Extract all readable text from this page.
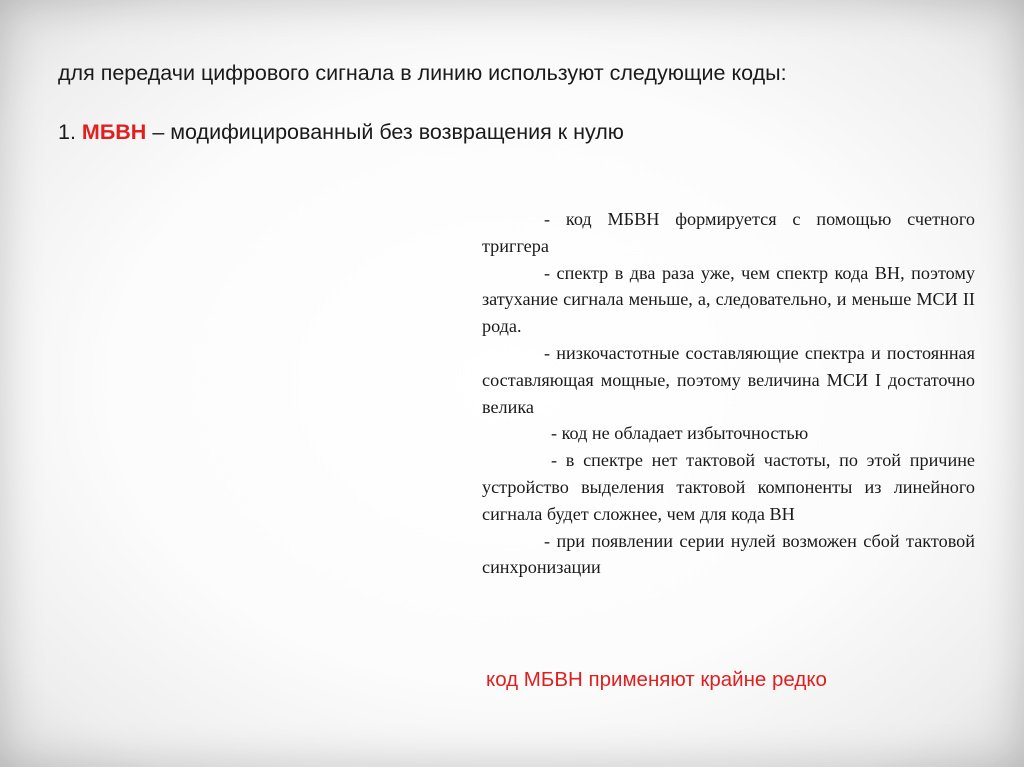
для передачи цифрового сигнала в линию используют следующие коды:
1. МБВН – модифицированный без возвращения к нулю

- код МБВН формируется с помощью счетного триггера

- спектр в два раза уже, чем спектр кода ВН, поэтому затухание сигнала меньше, а, следовательно, и меньше МСИ II рода.

- низкочастотные составляющие спектра и постоянная составляющая мощные, поэтому величина МСИ I достаточно велика

- код не обладает избыточностью

- в спектре нет тактовой частоты, по этой причине устройство выделения тактовой компоненты из линейного сигнала будет сложнее, чем для кода ВН

- при появлении серии нулей возможен сбой тактовой синхронизации

код МБВН применяют крайне редко
